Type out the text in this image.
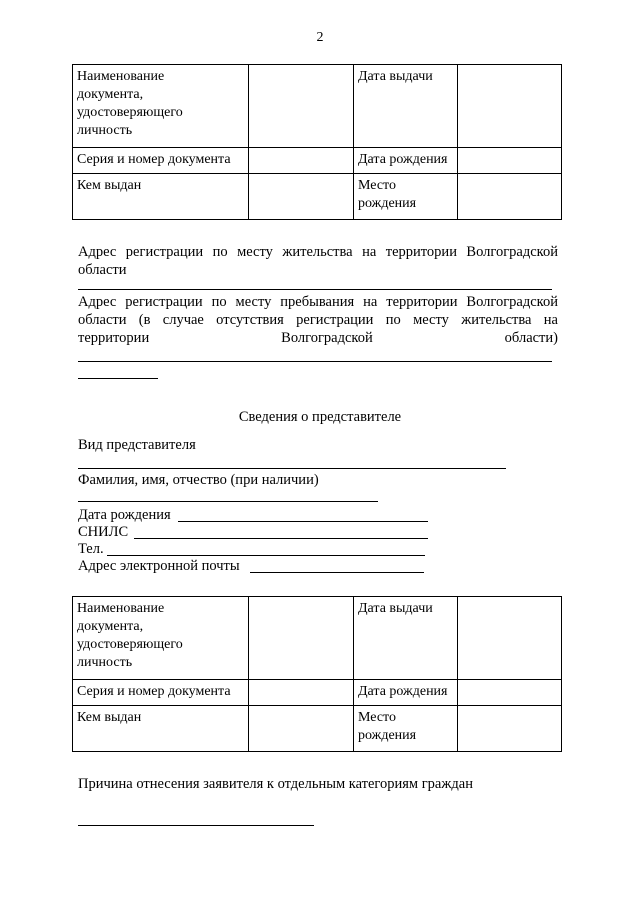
2
Наименование
документа,
удостоверяющего
личность		Дата выдачи	
Серия и номер документа		Дата рождения	
Кем выдан		Место
рождения	

Адрес регистрации по месту жительства на территории Волгоградской
области
Адрес регистрации по месту пребывания на территории Волгоградской
области (в случае отсутствия регистрации по месту жительства на
территории Волгоградской области)
Сведения о представителе
Вид представителя
Фамилия, имя, отчество (при наличии)
Дата рождения
СНИЛС
Тел.
Адрес электронной почты
Наименование
документа,
удостоверяющего
личность		Дата выдачи	
Серия и номер документа		Дата рождения	
Кем выдан		Место
рождения	

Причина отнесения заявителя к отдельным категориям граждан
